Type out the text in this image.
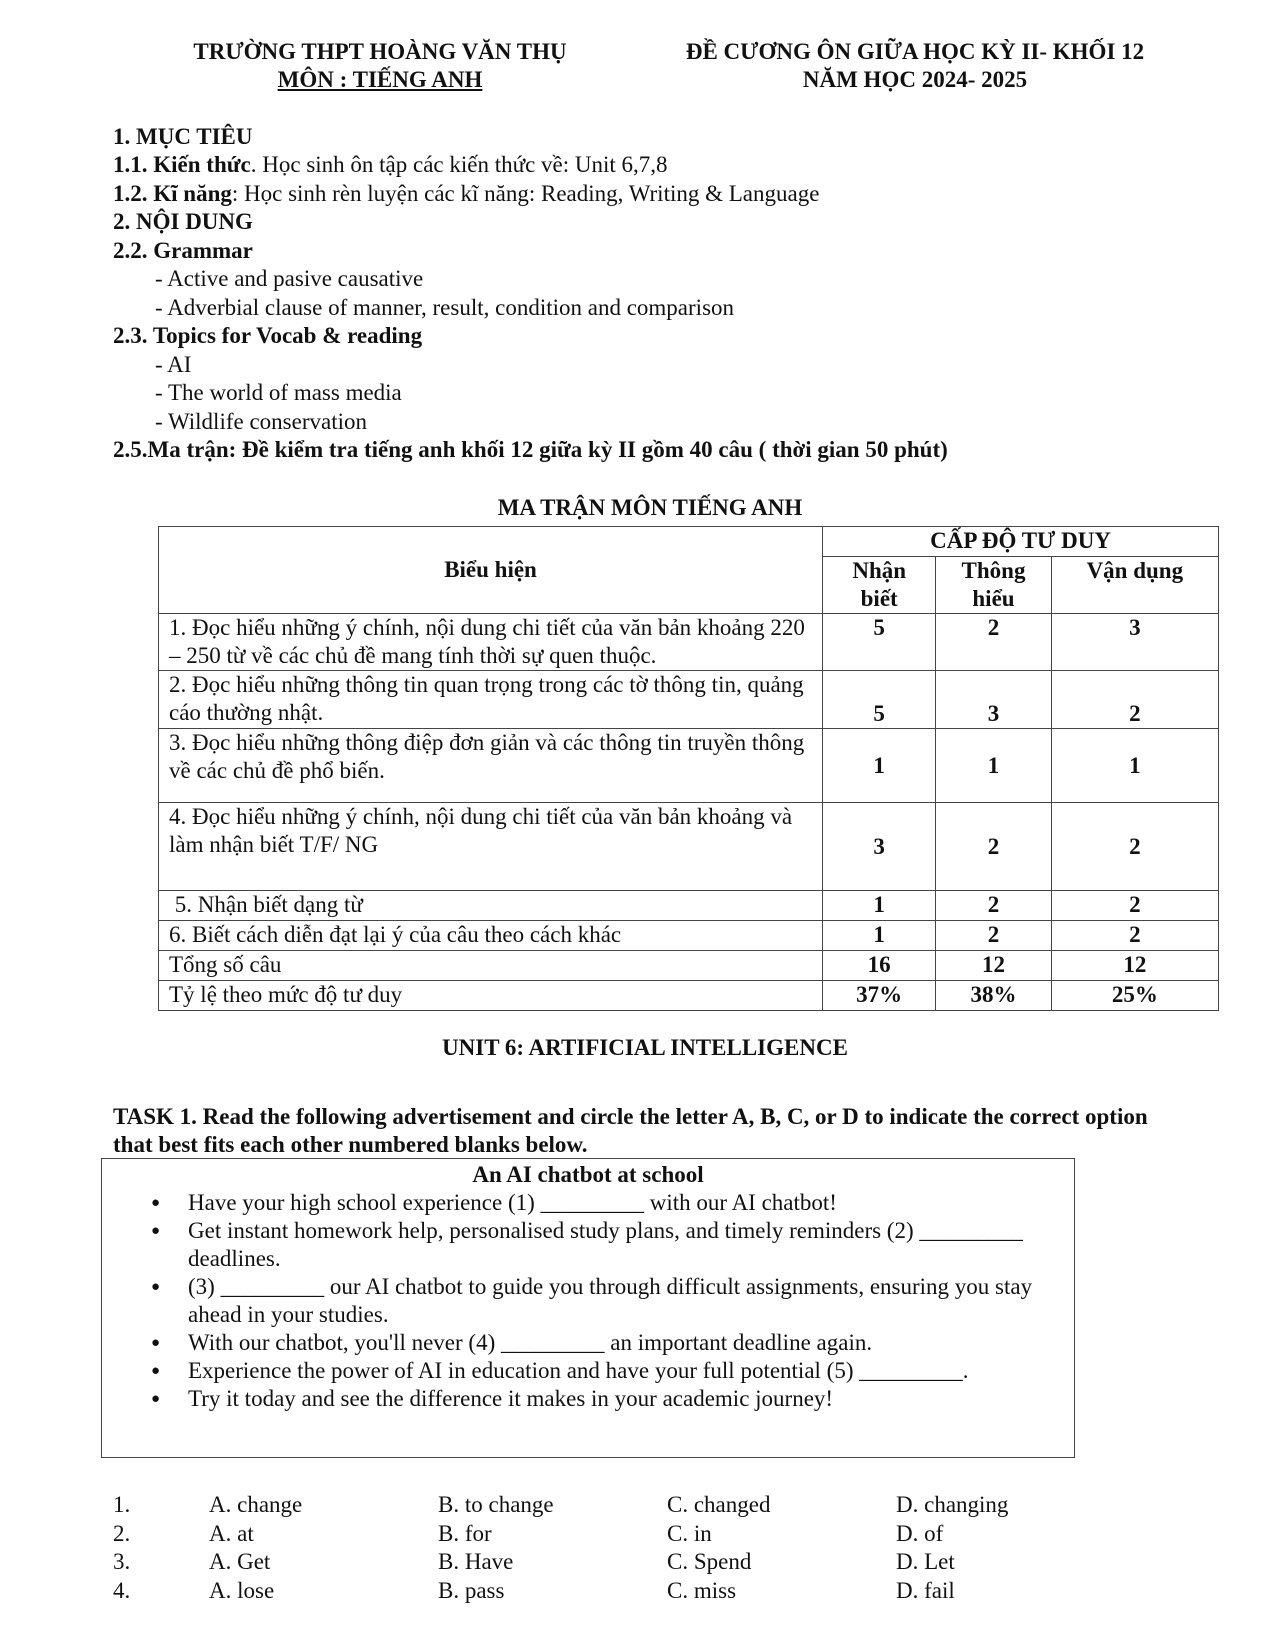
TRƯỜNG THPT HOÀNG VĂN THỤ
MÔN : TIẾNG ANH
ĐỀ CƯƠNG ÔN GIỮA HỌC KỲ II- KHỐI 12
NĂM HỌC 2024- 2025
1. MỤC TIÊU
1.1. Kiến thức. Học sinh ôn tập các kiến thức về: Unit 6,7,8
1.2. Kĩ năng: Học sinh rèn luyện các kĩ năng: Reading, Writing & Language
2. NỘI DUNG
2.2. Grammar
- Active and pasive causative
- Adverbial clause of manner, result, condition and comparison
2.3. Topics for Vocab & reading
- AI
- The world of mass media
- Wildlife conservation
2.5.Ma trận: Đề kiểm tra tiếng anh khối 12 giữa kỳ II gồm 40 câu ( thời gian 50 phút)
MA TRẬN MÔN TIẾNG ANH
Biểu hiện	CẤP ĐỘ TƯ DUY		
	Nhận biết	Thông hiểu	Vận dụng
1. Đọc hiểu những ý chính, nội dung chi tiết của văn bản khoảng 220 – 250 từ về các chủ đề mang tính thời sự quen thuộc.	5	2	3
2. Đọc hiểu những thông tin quan trọng trong các tờ thông tin, quảng cáo thường nhật.	5	3	2
3. Đọc hiểu những thông điệp đơn giản và các thông tin truyền thông về các chủ đề phổ biến.	1	1	1
4. Đọc hiểu những ý chính, nội dung chi tiết của văn bản khoảng và làm nhận biết T/F/ NG	3	2	2
5. Nhận biết dạng từ	1	2	2
6. Biết cách diễn đạt lại ý của câu theo cách khác	1	2	2
Tổng số câu	16	12	12
Tỷ lệ theo mức độ tư duy	37%	38%	25%
UNIT 6: ARTIFICIAL INTELLIGENCE
TASK 1. Read the following advertisement and circle the letter A, B, C, or D to indicate the correct option that best fits each other numbered blanks below.
An AI chatbot at school
● Have your high school experience (1) _________ with our AI chatbot!
● Get instant homework help, personalised study plans, and timely reminders (2) _________ deadlines.
● (3) _________ our AI chatbot to guide you through difficult assignments, ensuring you stay ahead in your studies.
● With our chatbot, you'll never (4) _________ an important deadline again.
● Experience the power of AI in education and have your full potential (5) _________.
● Try it today and see the difference it makes in your academic journey!
1.	A. change	B. to change	C. changed	D. changing
2.	A. at	B. for	C. in	D. of
3.	A. Get	B. Have	C. Spend	D. Let
4.	A. lose	B. pass	C. miss	D. fail
